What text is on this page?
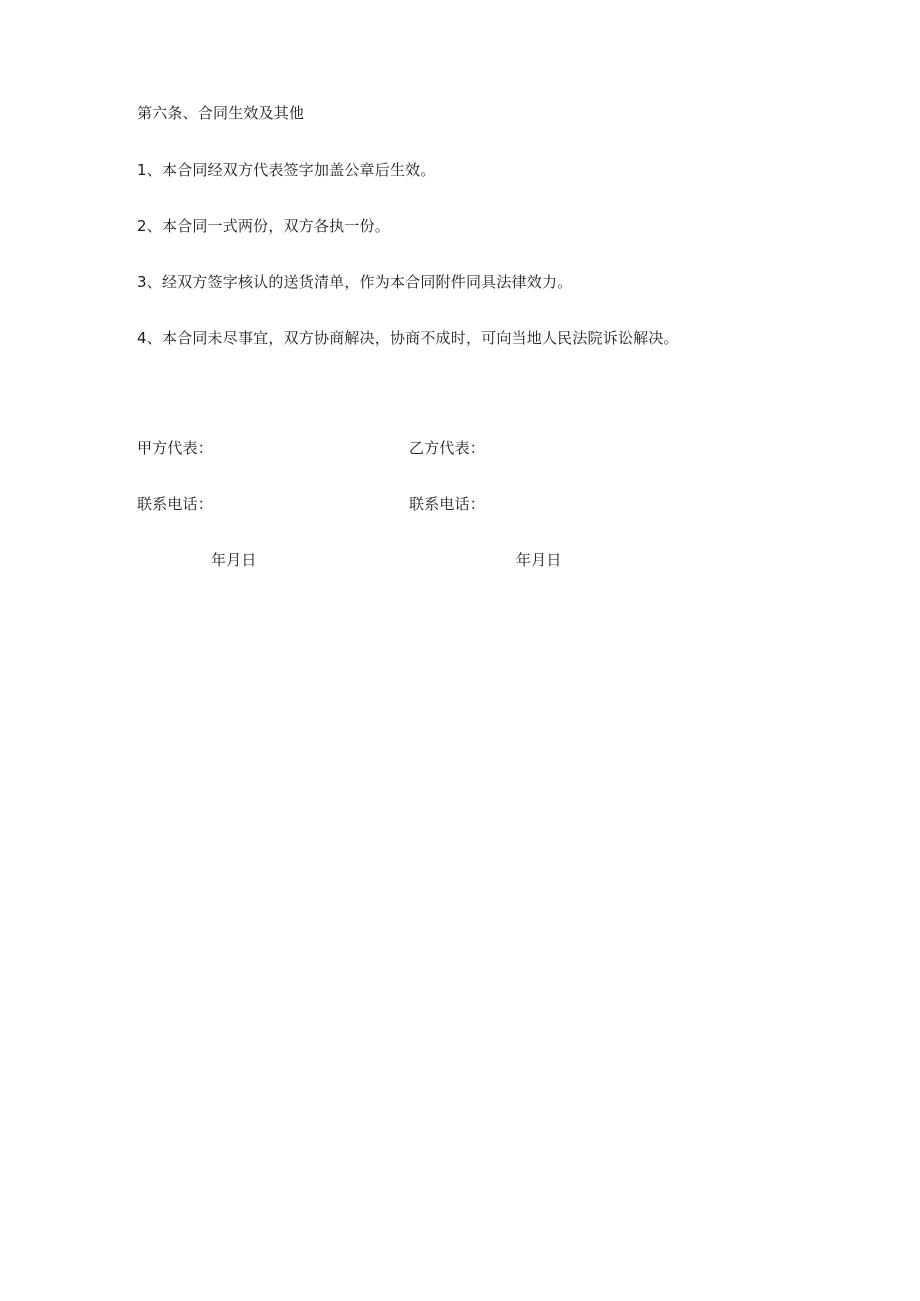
第六条、合同生效及其他
1、本合同经双方代表签字加盖公章后生效。
2、本合同一式两份，双方各执一份。
3、经双方签字核认的送货清单，作为本合同附件同具法律效力。
4、本合同未尽事宜，双方协商解决，协商不成时，可向当地人民法院诉讼解决。
甲方代表：	乙方代表：
联系电话：	联系电话：
年月日	年月日
